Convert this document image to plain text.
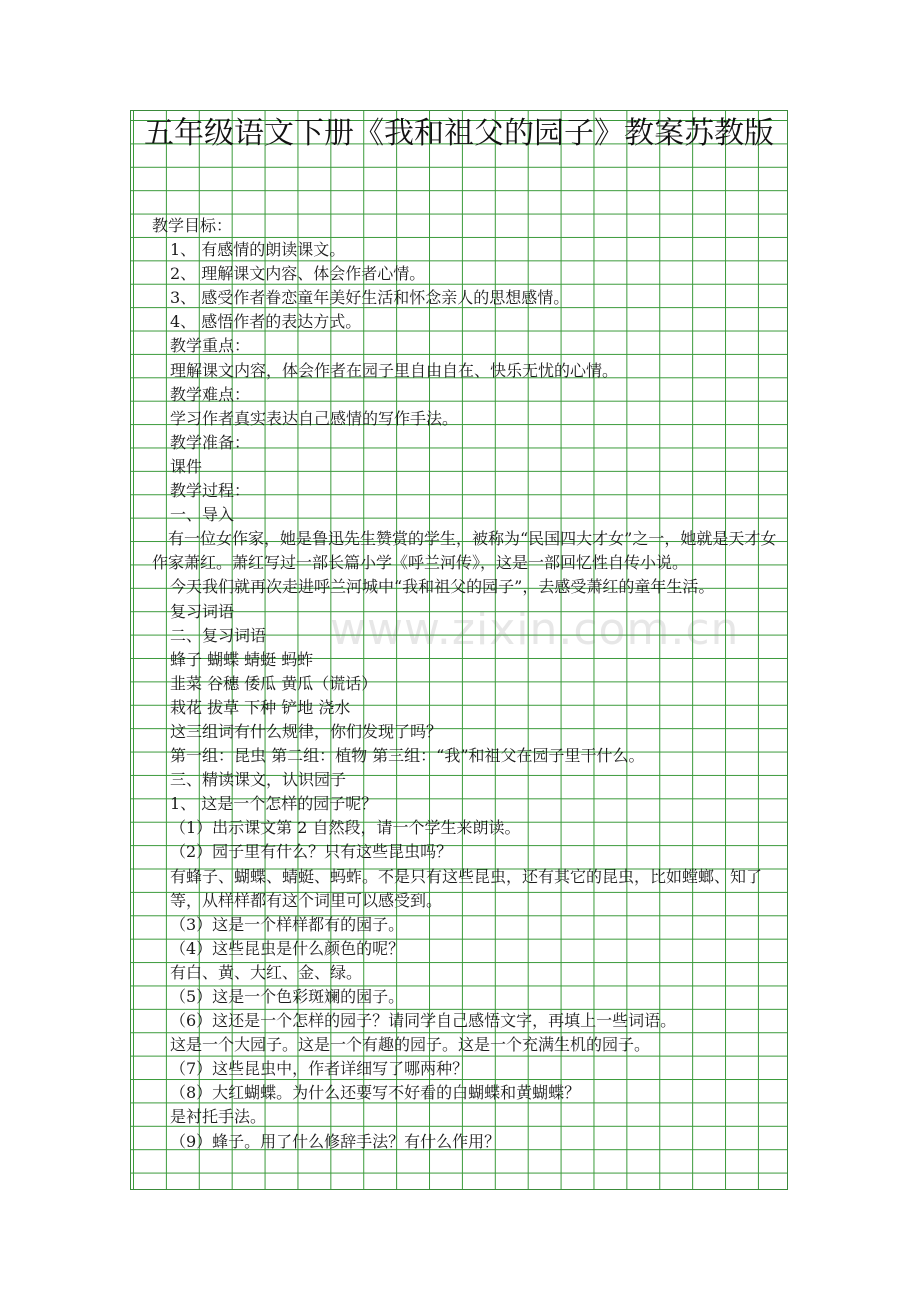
五年级语文下册《我和祖父的园子》教案苏教版
教学目标：
1、 有感情的朗读课文。
2、 理解课文内容、体会作者心情。
3、 感受作者眷恋童年美好生活和怀念亲人的思想感情。
4、 感悟作者的表达方式。
教学重点：
理解课文内容，体会作者在园子里自由自在、快乐无忧的心情。
教学难点：
学习作者真实表达自己感情的写作手法。
教学准备：
课件
教学过程：
一、导入
　有一位女作家，她是鲁迅先生赞赏的学生，被称为“民国四大才女”之一，她就是天才女作家萧红。萧红写过一部长篇小学《呼兰河传》，这是一部回忆性自传小说。
今天我们就再次走进呼兰河城中“我和祖父的园子”，去感受萧红的童年生活。
复习词语
二、复习词语
蜂子 蝴蝶 蜻蜓 蚂蚱
韭菜 谷穗 倭瓜 黄瓜（谎话）
栽花 拔草 下种 铲地 浇水
这三组词有什么规律，你们发现了吗？
第一组：昆虫 第二组：植物 第三组：“我”和祖父在园子里干什么。
三、精读课文，认识园子
1、 这是一个怎样的园子呢？
（1）出示课文第 2 自然段，请一个学生来朗读。
（2）园子里有什么？只有这些昆虫吗？
有蜂子、蝴蝶、蜻蜓、蚂蚱。不是只有这些昆虫，还有其它的昆虫，比如螳螂、知了等，从样样都有这个词里可以感受到。
（3）这是一个样样都有的园子。
（4）这些昆虫是什么颜色的呢？
有白、黄、大红、金、绿。
（5）这是一个色彩斑斓的园子。
（6）这还是一个怎样的园子？请同学自己感悟文字，再填上一些词语。
这是一个大园子。这是一个有趣的园子。这是一个充满生机的园子。
（7）这些昆虫中，作者详细写了哪两种？
（8）大红蝴蝶。为什么还要写不好看的白蝴蝶和黄蝴蝶？
是衬托手法。
（9）蜂子。用了什么修辞手法？有什么作用？
